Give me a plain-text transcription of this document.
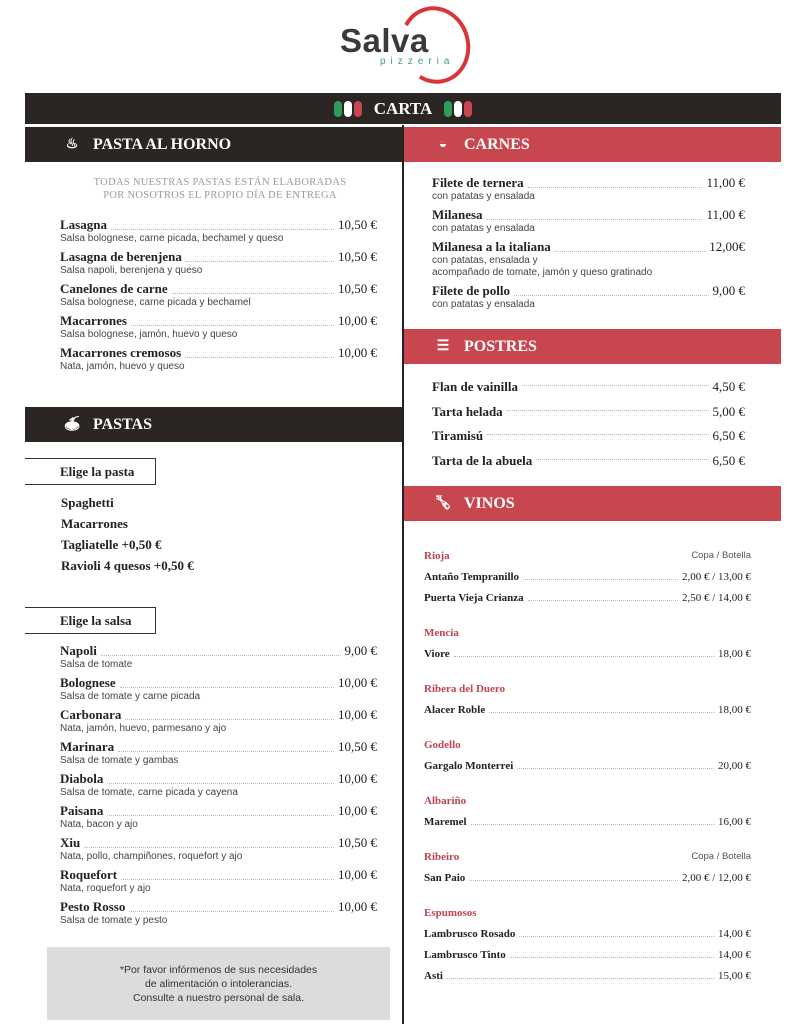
Salva
pizzeria
CARTA
♨ PASTA AL HORNO
TODAS NUESTRAS PASTAS ESTÁN ELABORADAS
POR NOSOTROS EL PROPIO DÍA DE ENTREGA
Lasagna	10,50 €
Salsa bolognese, carne picada, bechamel y queso
Lasagna de berenjena	10,50 €
Salsa napoli, berenjena y queso
Canelones de carne	10,50 €
Salsa bolognese, carne picada y bechamel
Macarrones	10,00 €
Salsa bolognese, jamón, huevo y queso
Macarrones cremosos	10,00 €
Nata, jamón, huevo y queso
🍝︎ PASTAS
Elige la pasta
Spaghetti
Macarrones
Tagliatelle +0,50 €
Ravioli 4 quesos +0,50 €
Elige la salsa
Napoli	9,00 €
Salsa de tomate
Bolognese	10,00 €
Salsa de tomate y carne picada
Carbonara	10,00 €
Nata, jamón, huevo, parmesano y ajo
Marinara	10,50 €
Salsa de tomate y gambas
Diabola	10,00 €
Salsa de tomate, carne picada y cayena
Paisana	10,00 €
Nata, bacon y ajo
Xiu	10,50 €
Nata, pollo, champiñones, roquefort y ajo
Roquefort	10,00 €
Nata, roquefort y ajo
Pesto Rosso	10,00 €
Salsa de tomate y pesto
*Por favor infórmenos de sus necesidades
de alimentación o intolerancias.
Consulte a nuestro personal de sala.
◒	CARNES
Filete de ternera	11,00 €
con patatas y ensalada
Milanesa	11,00 €
con patatas y ensalada
Milanesa a la italiana	12,00€
con patatas, ensalada y
acompañado de tomate, jamón y queso gratinado
Filete de pollo	9,00 €
con patatas y ensalada
☰ POSTRES
Flan de vainilla	4,50 €
Tarta helada	5,00 €
Tiramisú	6,50 €
Tarta de la abuela	6,50 €
🍾︎ VINOS
Rioja	Copa / Botella
Antaño Tempranillo	2,00 € / 13,00 €
Puerta Vieja Crianza	2,50 € / 14,00 €
Mencia
Viore	18,00 €
Ribera del Duero
Alacer Roble	18,00 €
Godello
Gargalo Monterrei	20,00 €
Albariño
Maremel	16,00 €
Ribeiro	Copa / Botella
San Paio	2,00 € / 12,00 €
Espumosos
Lambrusco Rosado	14,00 €
Lambrusco Tinto	14,00 €
Asti	15,00 €
